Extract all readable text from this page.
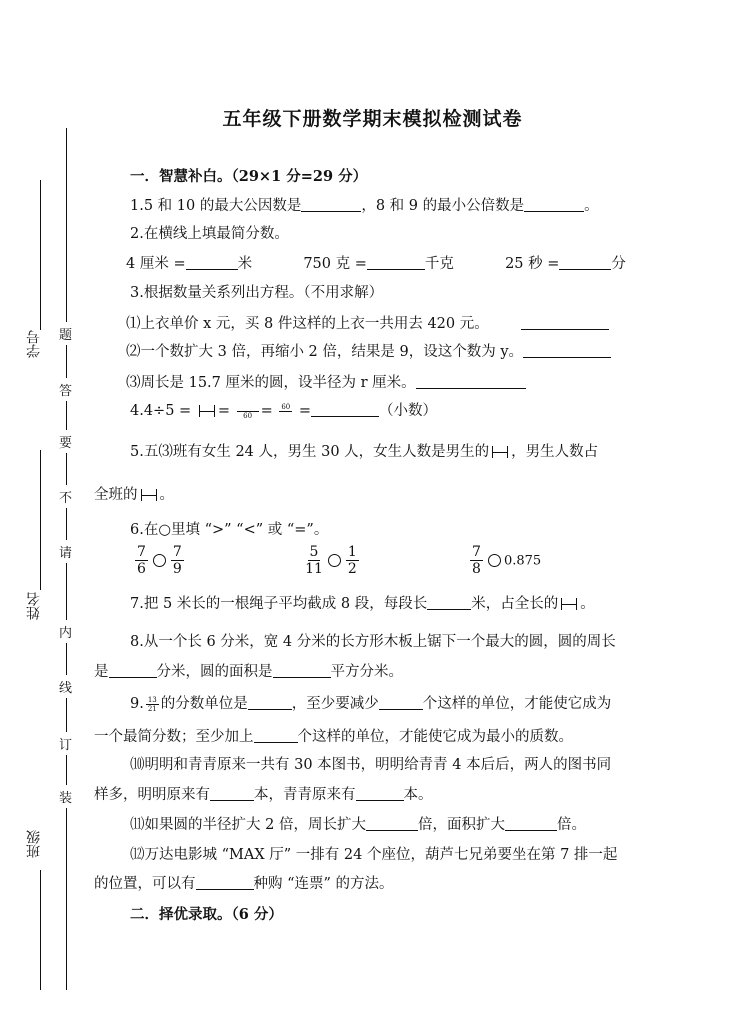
学号
姓名
班级
题
答
要
不
请
内
线
订
装
五年级下册数学期末模拟检测试卷
一．智慧补白。（29×1 分=29 分）
1.5 和 10 的最大公因数是	，8 和 9 的最小公倍数是	。
2.在横线上填最简分数。
4 厘米 =	米	750 克 =	千克	25 秒 =	分
3.根据数量关系列出方程。（不用求解）
⑴上衣单价 x 元，买 8 件这样的上衣一共用去 420 元。
⑵一个数扩大 3 倍，再缩小 2 倍，结果是 9，设这个数为 y。
⑶周长是 15.7 厘米的圆，设半径为 r 厘米。
4.4÷5 = =
60 = 60
=	（小数）
5.五⑶班有女生 24 人，男生 30 人，女生人数是男生的 ，男生人数占
全班的 。
6.在○里填 “>” “<” 或 “=”。
$\frac{7}{6} \frac{7}{9}$
	$\frac{5}{11} \frac{1}{2}$
	$\frac{7}{8} 0.875$
7.把 5 米长的一根绳子平均截成 8 段，每段长	米，占全长的 。
8.从一个长 6 分米，宽 4 分米的长方形木板上锯下一个最大的圆，圆的周长
是	分米，圆的面积是	平方分米。
9. $\frac{13}{21}$ 的分数单位是	，至少要减少	个这样的单位，才能使它成为
一个最简分数；至少加上	个这样的单位，才能使它成为最小的质数。
⑽明明和青青原来一共有 30 本图书，明明给青青 4 本后后，两人的图书同
样多，明明原来有	本，青青原来有	本。
⑾如果圆的半径扩大 2 倍，周长扩大	倍，面积扩大	倍。
⑿万达电影城 “MAX 厅” 一排有 24 个座位，葫芦七兄弟要坐在第 7 排一起
的位置，可以有	种购 “连票” 的方法。
二．择优录取。（6 分）
